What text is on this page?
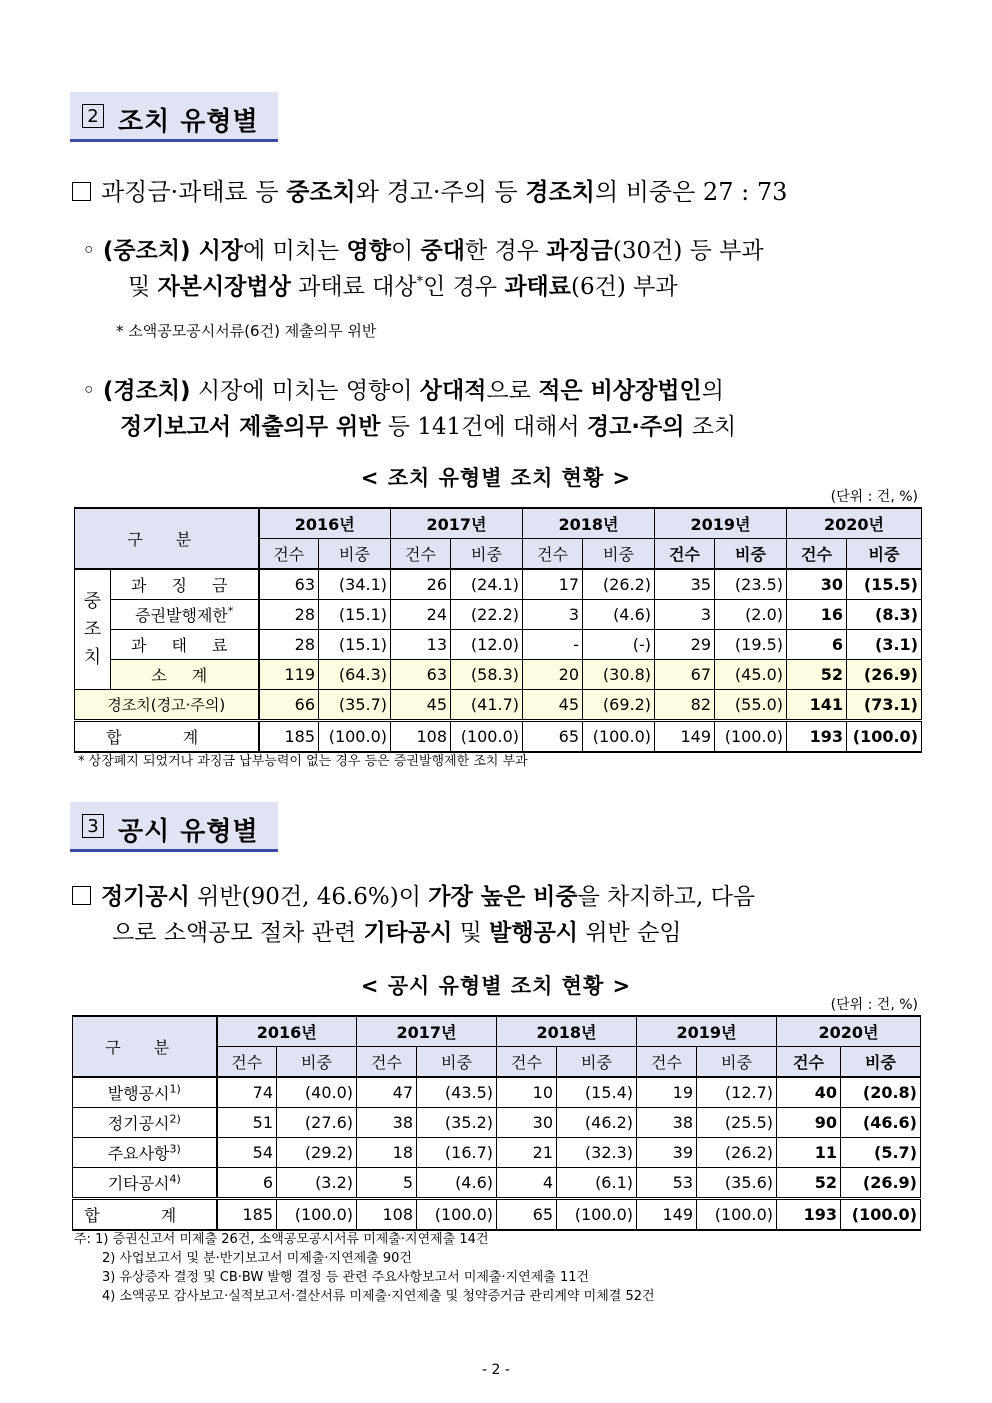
2 조치 유형별
과징금·과태료 등 중조치와 경고·주의 등 경조치의 비중은 27 : 73
◦ (중조치) 시장에 미치는 영향이 중대한 경우 과징금(30건) 등 부과
및 자본시장법상 과태료 대상*인 경우 과태료(6건) 부과
* 소액공모공시서류(6건) 제출의무 위반
◦ (경조치) 시장에 미치는 영향이 상대적으로 적은 비상장법인의
정기보고서 제출의무 위반 등 141건에 대해서 경고·주의 조치
< 조치 유형별 조치 현황 >
(단위 : 건, %)
구 분		2016년		2017년		2018년		2019년		2020년	
		건수	비중	건수	비중	건수	비중	건수	비중	건수	비중

중
조
치	과 징 금	63	(34.1)	26	(24.1)	17	(26.2)	35	(23.5)	30	(15.5)
	증권발행제한*	28	(15.1)	24	(22.2)	3	(4.6)	3	(2.0)	16	(8.3)
	과 태 료	28	(15.1)	13	(12.0)	-	(-)	29	(19.5)	6	(3.1)
	소 계	119	(64.3)	63	(58.3)	20	(30.8)	67	(45.0)	52	(26.9)
경조치(경고·주의)		66	(35.7)	45	(41.7)	45	(69.2)	82	(55.0)	141	(73.1)
합 계		185	(100.0)	108	(100.0)	65	(100.0)	149	(100.0)	193	(100.0)
* 상장폐지 되었거나 과징금 납부능력이 없는 경우 등은 증권발행제한 조치 부과
3 공시 유형별
정기공시 위반(90건, 46.6%)이 가장 높은 비중을 차지하고, 다음
으로 소액공모 절차 관련 기타공시 및 발행공시 위반 순임
< 공시 유형별 조치 현황 >
(단위 : 건, %)
구 분	2016년		2017년		2018년		2019년		2020년	
	건수	비중	건수	비중	건수	비중	건수	비중	건수	비중
발행공시$^{1)}$	74	(40.0)	47	(43.5)	10	(15.4)	19	(12.7)	40	(20.8)
정기공시$^{2)}$	51	(27.6)	38	(35.2)	30	(46.2)	38	(25.5)	90	(46.6)
주요사항$^{3)}$	54	(29.2)	18	(16.7)	21	(32.3)	39	(26.2)	11	(5.7)
기타공시$^{4)}$	6	(3.2)	5	(4.6)	4	(6.1)	53	(35.6)	52	(26.9)
합 계	185	(100.0)	108	(100.0)	65	(100.0)	149	(100.0)	193	(100.0)
주: 1) 증권신고서 미제출 26건, 소액공모공시서류 미제출·지연제출 14건
2) 사업보고서 및 분·반기보고서 미제출·지연제출 90건
3) 유상증자 결정 및 CB·BW 발행 결정 등 관련 주요사항보고서 미제출·지연제출 11건
4) 소액공모 감사보고·실적보고서·결산서류 미제출·지연제출 및 청약증거금 관리계약 미체결 52건
- 2 -
